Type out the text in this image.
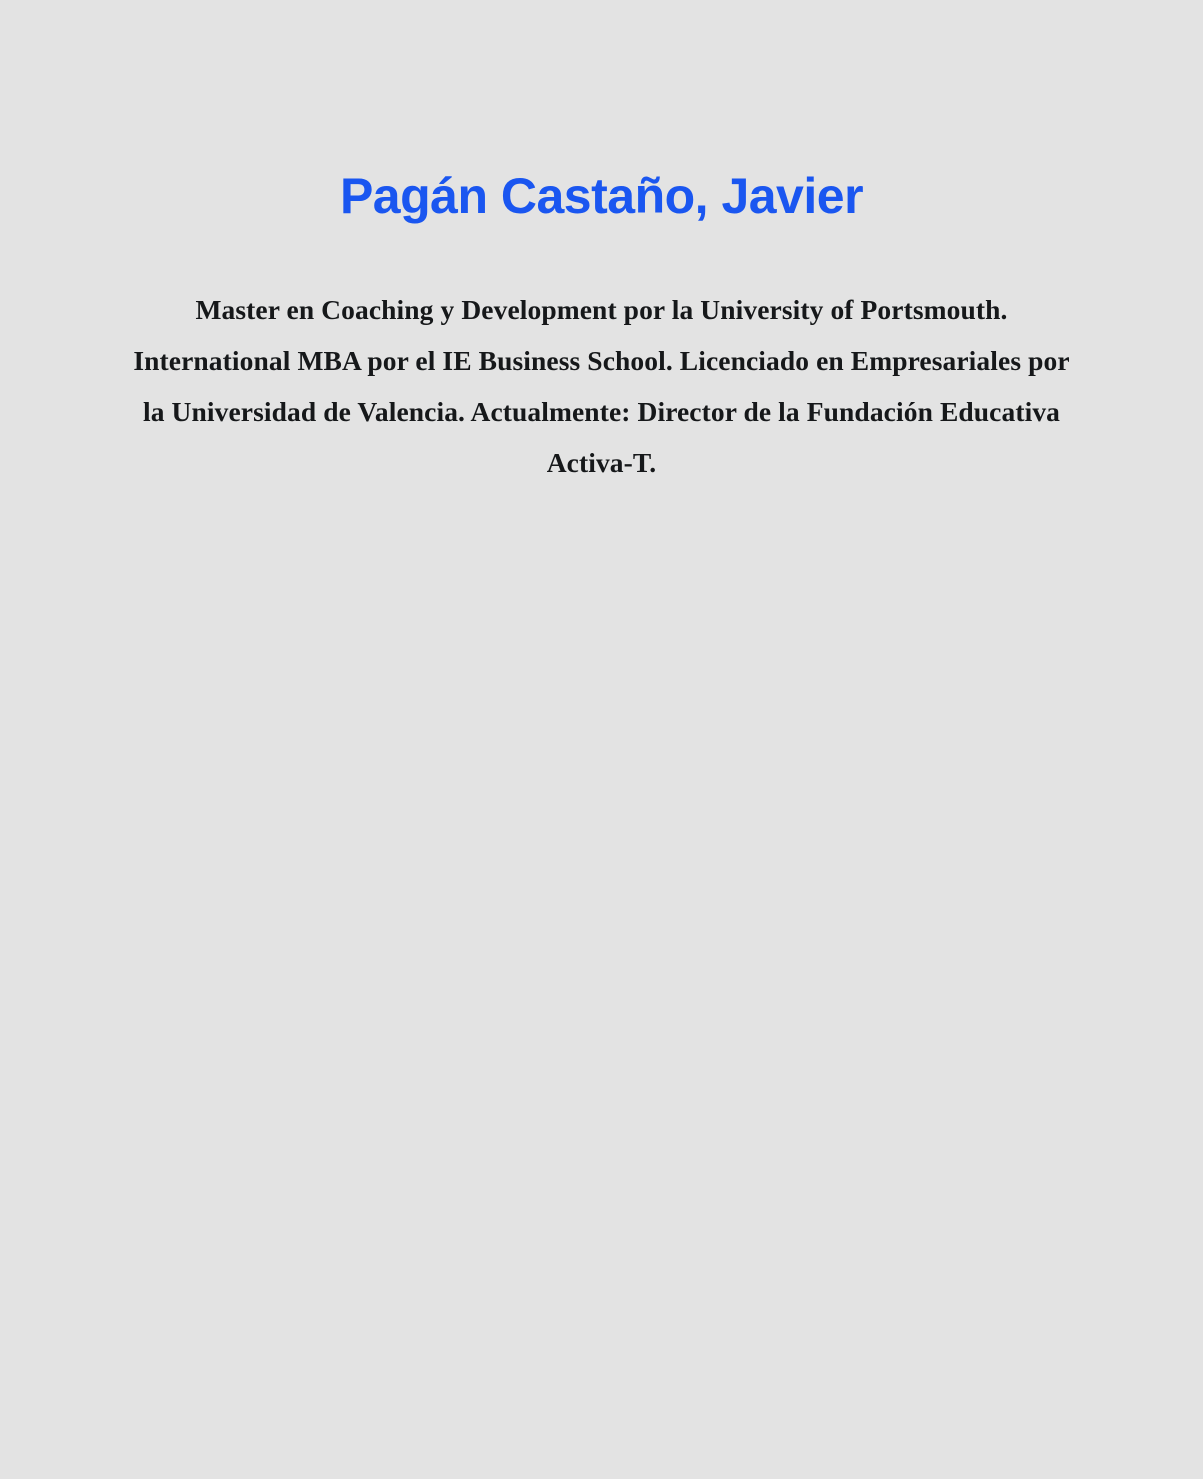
Pagán Castaño, Javier

Master en Coaching y Development por la University of Portsmouth. International MBA por el IE Business School. Licenciado en Empresariales por la Universidad de Valencia. Actualmente: Director de la Fundación Educativa Activa-T.
